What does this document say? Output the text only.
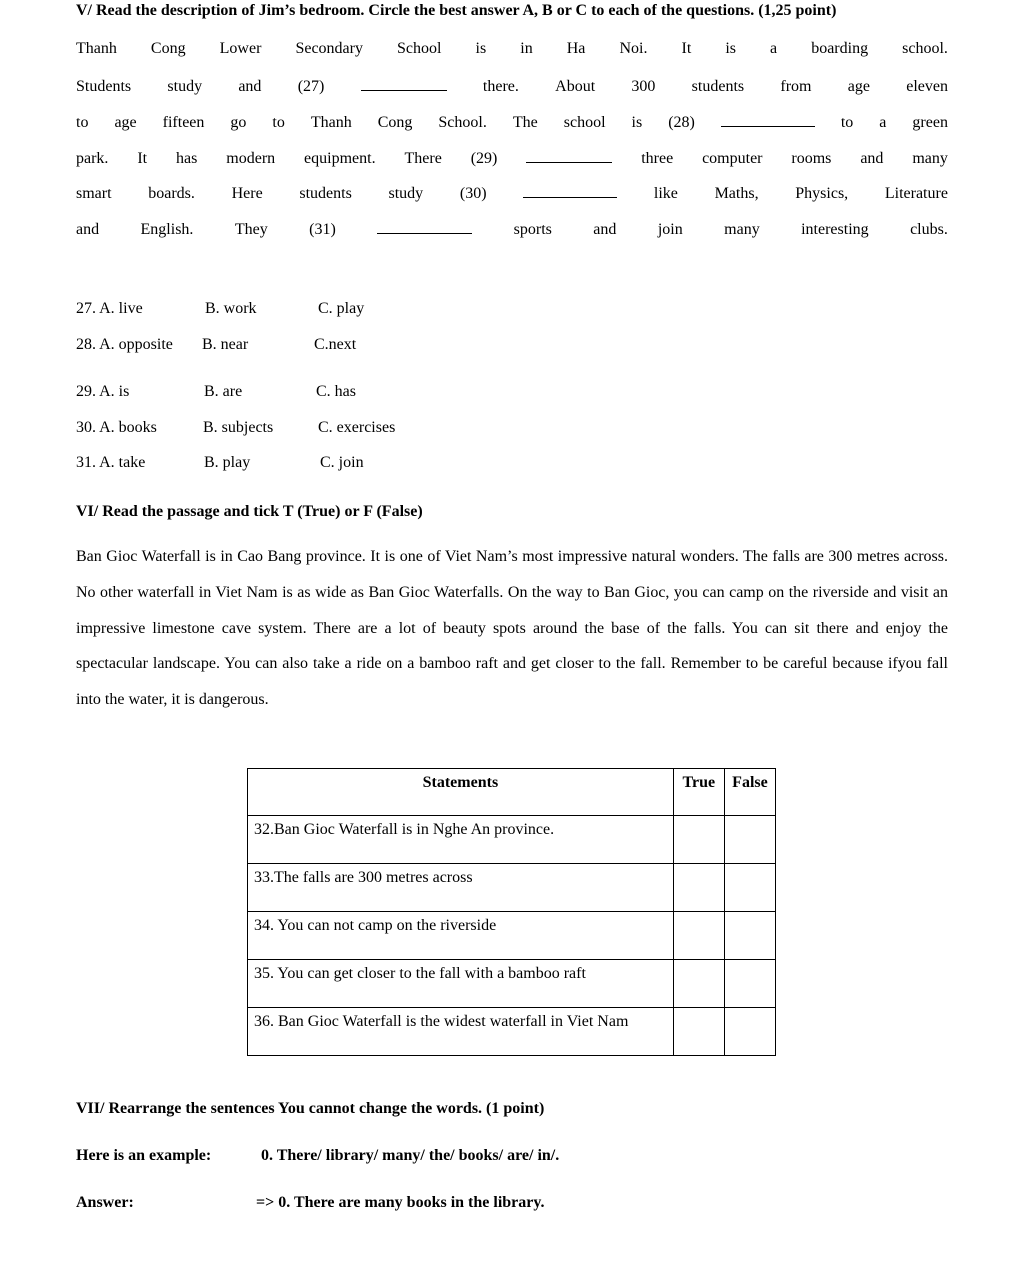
V/ Read the description of Jim’s bedroom. Circle the best answer A, B or C to each of the questions. (1,25 point)
Thanh Cong Lower Secondary School is in Ha Noi. It is a boarding school.
Students study and (27)	there. About 300 students from age eleven
to age fifteen go to Thanh Cong School. The school is (28)	to a green
park. It has modern equipment. There (29)	three computer rooms and many
smart boards. Here students study (30)	like Maths, Physics, Literature
and	English.	They	(31)	sports	and	join	many	interesting	clubs.
27. A. live	B. work	C. play
28. A. opposite B. near	C.next
29. A. is	B. are	C. has
30. A. books	B. subjects	C. exercises
31. A. take	B. play	C. join
VI/ Read the passage and tick T (True) or F (False)
Ban Gioc Waterfall is in Cao Bang province. It is one of Viet Nam’s most impressive natural wonders. The falls are 300 metres across. No other waterfall in Viet Nam is as wide as Ban Gioc Waterfalls. On the way to Ban Gioc, you can camp on the riverside and visit an impressive limestone cave system. There are a lot of beauty spots around the base of the falls. You can sit there and enjoy the spectacular landscape. You can also take a ride on a bamboo raft and get closer to the fall. Remember to be careful because ifyou fall into the water, it is dangerous.
Statements	True	False
32.Ban Gioc Waterfall is in Nghe An province.		
33.The falls are 300 metres across		
34. You can not camp on the riverside		
35. You can get closer to the fall with a bamboo raft		
36. Ban Gioc Waterfall is the widest waterfall in Viet Nam		
VII/ Rearrange the sentences You cannot change the words. (1 point)
Here is an example:	0. There/ library/ many/ the/ books/ are/ in/.
Answer:	=> 0. There are many books in the library.
